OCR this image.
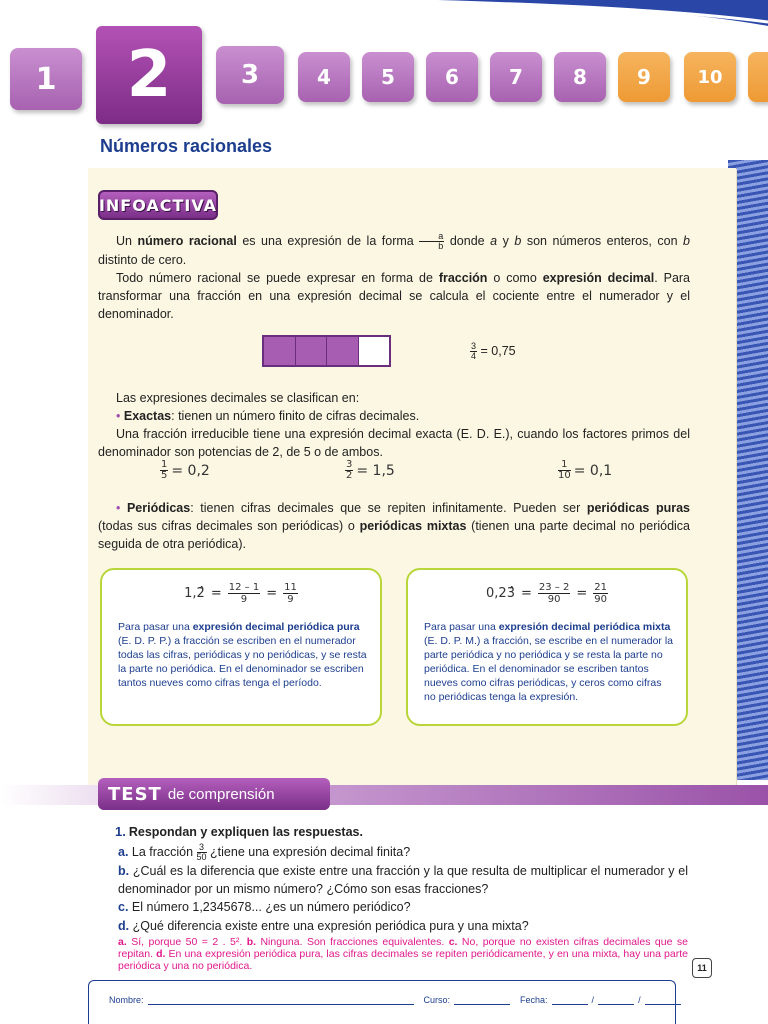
1	2	3	4	5	6	7	8	9	10
Números racionales
INFOACTIVA
Un número racional es una expresión de la forma $\frac{a}{b}$ donde a y b son números enteros, con b distinto de cero.
Todo número racional se puede expresar en forma de fracción o como expresión decimal. Para transformar una fracción en una expresión decimal se calcula el cociente entre el numerador y el denominador.
$\frac{3}{4} = 0,75$
Las expresiones decimales se clasifican en:
• Exactas: tienen un número finito de cifras decimales.
Una fracción irreducible tiene una expresión decimal exacta (E. D. E.), cuando los factores primos del denominador son potencias de 2, de 5 o de ambos.
$\frac{1}{5} = 0,2$	$\frac{3}{2} = 1,5$	$\frac{1}{10} = 0,1$
• Periódicas: tienen cifras decimales que se repiten infinitamente. Pueden ser periódicas puras (todas sus cifras decimales son periódicas) o periódicas mixtas (tienen una parte decimal no periódica seguida de otra periódica).
1,2̂ = $\frac{12 - 1}{9} = \frac{11}{9}$
Para pasar una expresión decimal periódica pura (E. D. P. P.) a fracción se escriben en el numerador todas las cifras, periódicas y no periódicas, y se resta la parte no periódica. En el denominador se escriben tantos nueves como cifras tenga el período.
0,23̂ = $\frac{23 - 2}{90} = \frac{21}{90}$
Para pasar una expresión decimal periódica mixta (E. D. P. M.) a fracción, se escribe en el numerador la parte periódica y no periódica y se resta la parte no periódica. En el denominador se escriben tantos nueves como cifras periódicas, y ceros como cifras no periódicas tenga la expresión.
TEST de comprensión
1. Respondan y expliquen las respuestas.
a. La fracción $\frac{3}{50}$ ¿tiene una expresión decimal finita?
b. ¿Cuál es la diferencia que existe entre una fracción y la que resulta de multiplicar el numerador y el denominador por un mismo número? ¿Cómo son esas fracciones?
c. El número 1,2345678... ¿es un número periódico?
d. ¿Qué diferencia existe entre una expresión periódica pura y una mixta?
a. Sí, porque 50 = 2 . 5². b. Ninguna. Son fracciones equivalentes. c. No, porque no existen cifras decimales que se repitan. d. En una expresión periódica pura, las cifras decimales se repiten periódicamente, y en una mixta, hay una parte periódica y una no periódica.	11
Nombre:	Curso:	Fecha:	/	/
